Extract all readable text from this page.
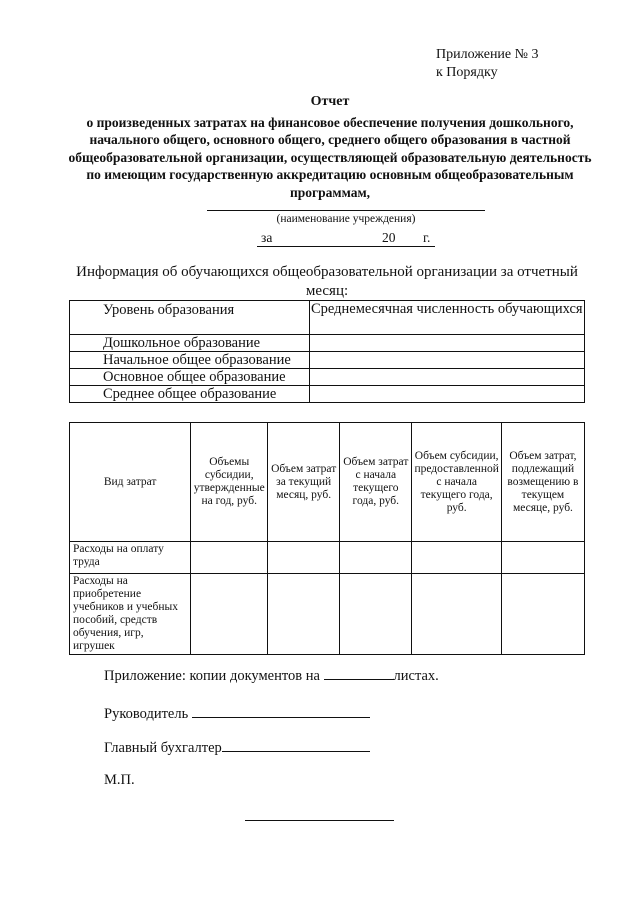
Приложение № 3
к Порядку
Отчет
о произведенных затратах на финансовое обеспечение получения дошкольного, начального общего, основного общего, среднего общего образования в частной общеобразовательной организации, осуществляющей образовательную деятельность по имеющим государственную аккредитацию основным общеобразовательным программам,
(наименование учреждения)
за	20 г.
Информация об обучающихся общеобразовательной организации за отчетный месяц:
Уровень образования	Среднемесячная численность обучающихся
Дошкольное образование	
Начальное общее образование	
Основное общее образование	
Среднее общее образование	
Вид затрат	Объемы субсидии, утвержденные на год, руб.	Объем затрат за текущий месяц, руб.	Объем затрат с начала текущего года, руб.	Объем субсидии, предоставленной с начала текущего года, руб.	Объем затрат, подлежащий возмещению в текущем месяце, руб.
Расходы на оплату труда					
Расходы на приобретение учебников и учебных пособий, средств обучения, игр, игрушек					
Приложение: копии документов на	листах.
Руководитель
Главный бухгалтер
М.П.
